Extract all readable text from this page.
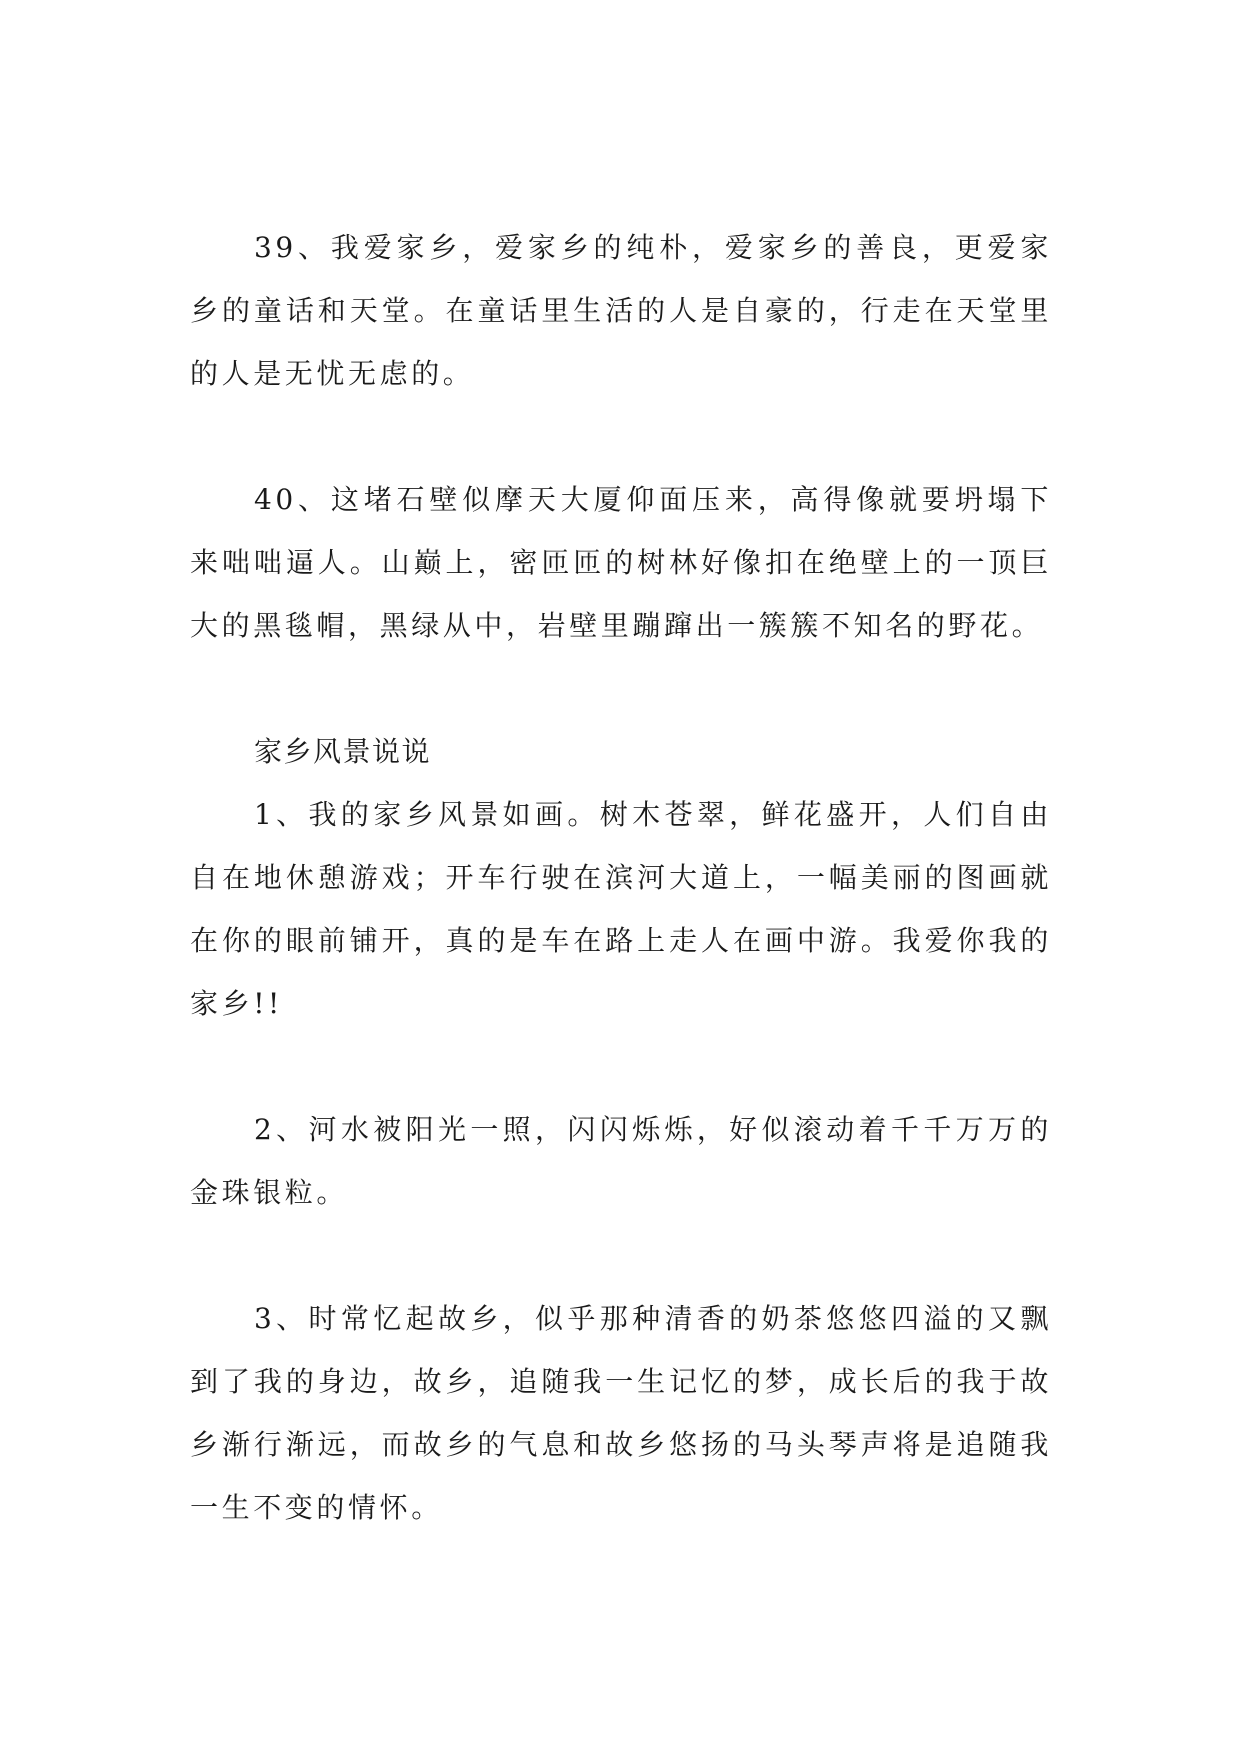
39、我爱家乡，爱家乡的纯朴，爱家乡的善良，更爱家乡的童话和天堂。在童话里生活的人是自豪的，行走在天堂里的人是无忧无虑的。

40、这堵石壁似摩天大厦仰面压来，高得像就要坍塌下来咄咄逼人。山巅上，密匝匝的树林好像扣在绝壁上的一顶巨大的黑毯帽，黑绿从中，岩壁里蹦蹿出一簇簇不知名的野花。

家乡风景说说

1、我的家乡风景如画。树木苍翠，鲜花盛开，人们自由自在地休憩游戏；开车行驶在滨河大道上，一幅美丽的图画就在你的眼前铺开，真的是车在路上走人在画中游。我爱你我的家乡!!

2、河水被阳光一照，闪闪烁烁，好似滚动着千千万万的金珠银粒。

3、时常忆起故乡，似乎那种清香的奶茶悠悠四溢的又飘到了我的身边，故乡，追随我一生记忆的梦，成长后的我于故乡渐行渐远，而故乡的气息和故乡悠扬的马头琴声将是追随我一生不变的情怀。
